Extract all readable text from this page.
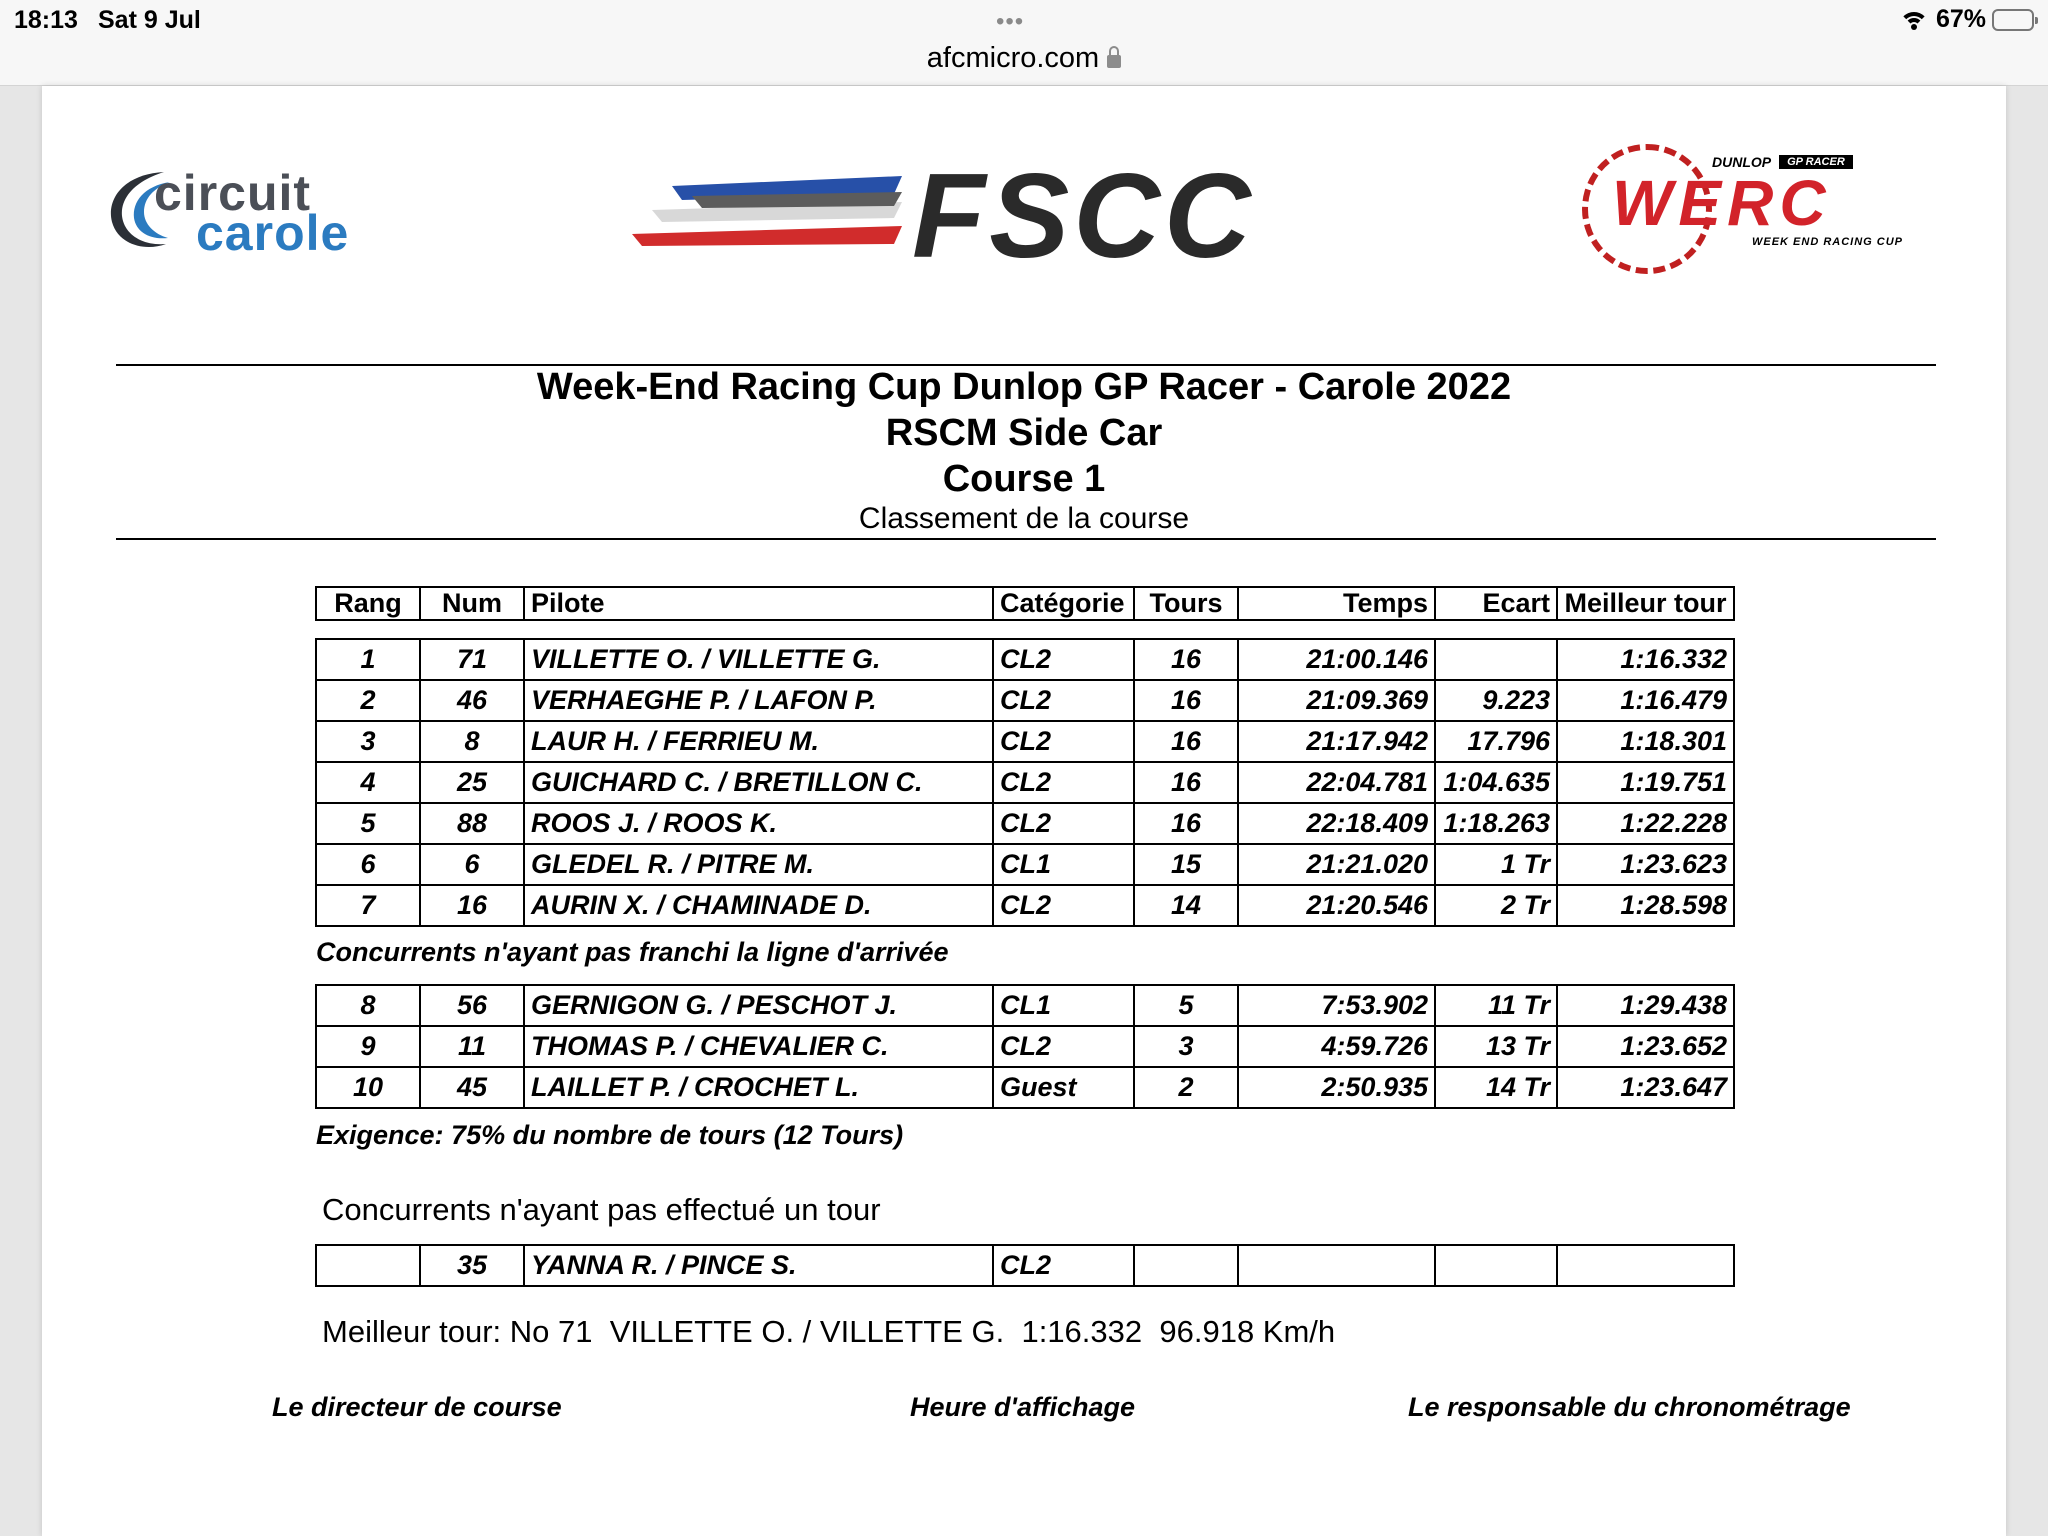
18:13 Sat 9 Jul	•••
afcmicro.com
67%
circuit
carole	FSCC	DUNLOP	GP RACER
WERC
WEEK END RACING CUP
Week-End Racing Cup Dunlop GP Racer - Carole 2022
RSCM Side Car
Course 1
Classement de la course
Rang	Num	Pilote	Catégorie	Tours	Temps	Ecart	Meilleur tour
1	71	VILLETTE O. / VILLETTE G.	CL2	16	21:00.146		1:16.332
2	46	VERHAEGHE P. / LAFON P.	CL2	16	21:09.369	9.223	1:16.479
3	8	LAUR H. / FERRIEU M.	CL2	16	21:17.942	17.796	1:18.301
4	25	GUICHARD C. / BRETILLON C.	CL2	16	22:04.781	1:04.635	1:19.751
5	88	ROOS J. / ROOS K.	CL2	16	22:18.409	1:18.263	1:22.228
6	6	GLEDEL R. / PITRE M.	CL1	15	21:21.020	1 Tr	1:23.623
7	16	AURIN X. / CHAMINADE D.	CL2	14	21:20.546	2 Tr	1:28.598
Concurrents n'ayant pas franchi la ligne d'arrivée
8	56	GERNIGON G. / PESCHOT J.	CL1	5	7:53.902	11 Tr	1:29.438
9	11	THOMAS P. / CHEVALIER C.	CL2	3	4:59.726	13 Tr	1:23.652
10	45	LAILLET P. / CROCHET L.	Guest	2	2:50.935	14 Tr	1:23.647
Exigence: 75% du nombre de tours (12 Tours)
Concurrents n'ayant pas effectué un tour
	35	YANNA R. / PINCE S.	CL2				
Meilleur tour: No 71  VILLETTE O. / VILLETTE G.  1:16.332  96.918 Km/h
Le directeur de course	Heure d'affichage	Le responsable du chronométrage
